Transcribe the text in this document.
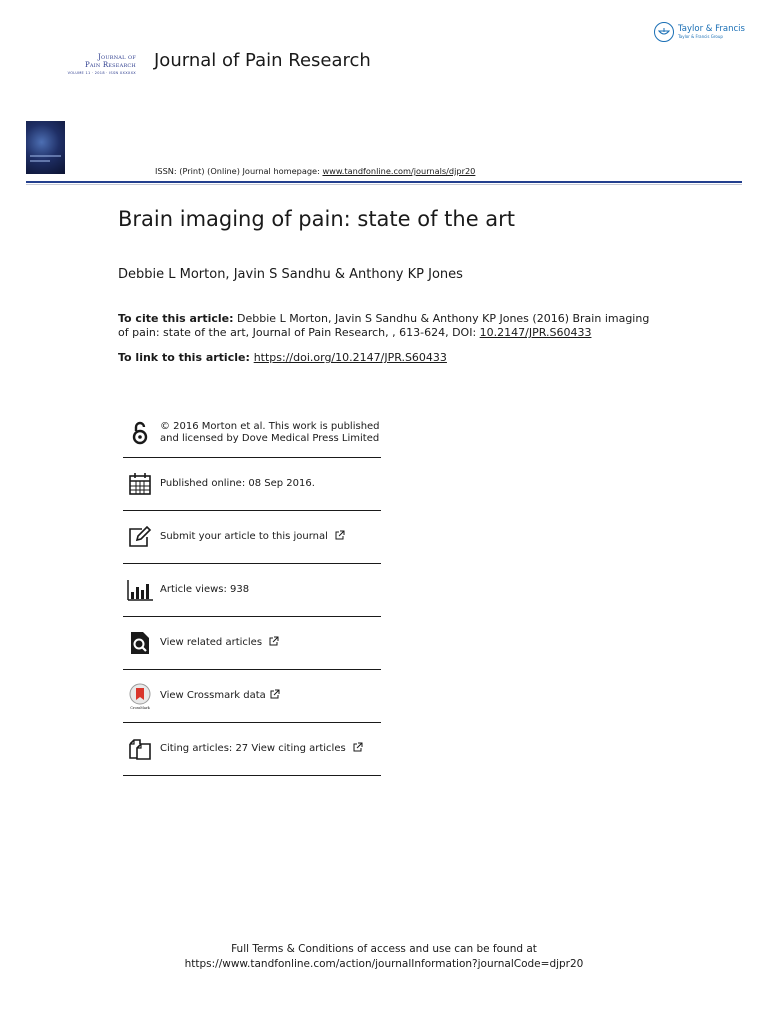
Taylor & Francis
Taylor & Francis Group
Journal of
Pain Research
VOLUME 11 · 2018 · ISSN XXXXXX
Journal of Pain Research
ISSN: (Print) (Online) Journal homepage: www.tandfonline.com/journals/djpr20
Brain imaging of pain: state of the art
Debbie L Morton, Javin S Sandhu & Anthony KP Jones
To cite this article: Debbie L Morton, Javin S Sandhu & Anthony KP Jones (2016) Brain imaging of pain: state of the art, Journal of Pain Research, , 613-624, DOI: 10.2147/JPR.S60433
To link to this article: https://doi.org/10.2147/JPR.S60433
© 2016 Morton et al. This work is published and licensed by Dove Medical Press Limited
Published online: 08 Sep 2016.
Submit your article to this journal
Article views: 938
View related articles
CrossMark
View Crossmark data
Citing articles: 27 View citing articles
Full Terms & Conditions of access and use can be found at
https://www.tandfonline.com/action/journalInformation?journalCode=djpr20
